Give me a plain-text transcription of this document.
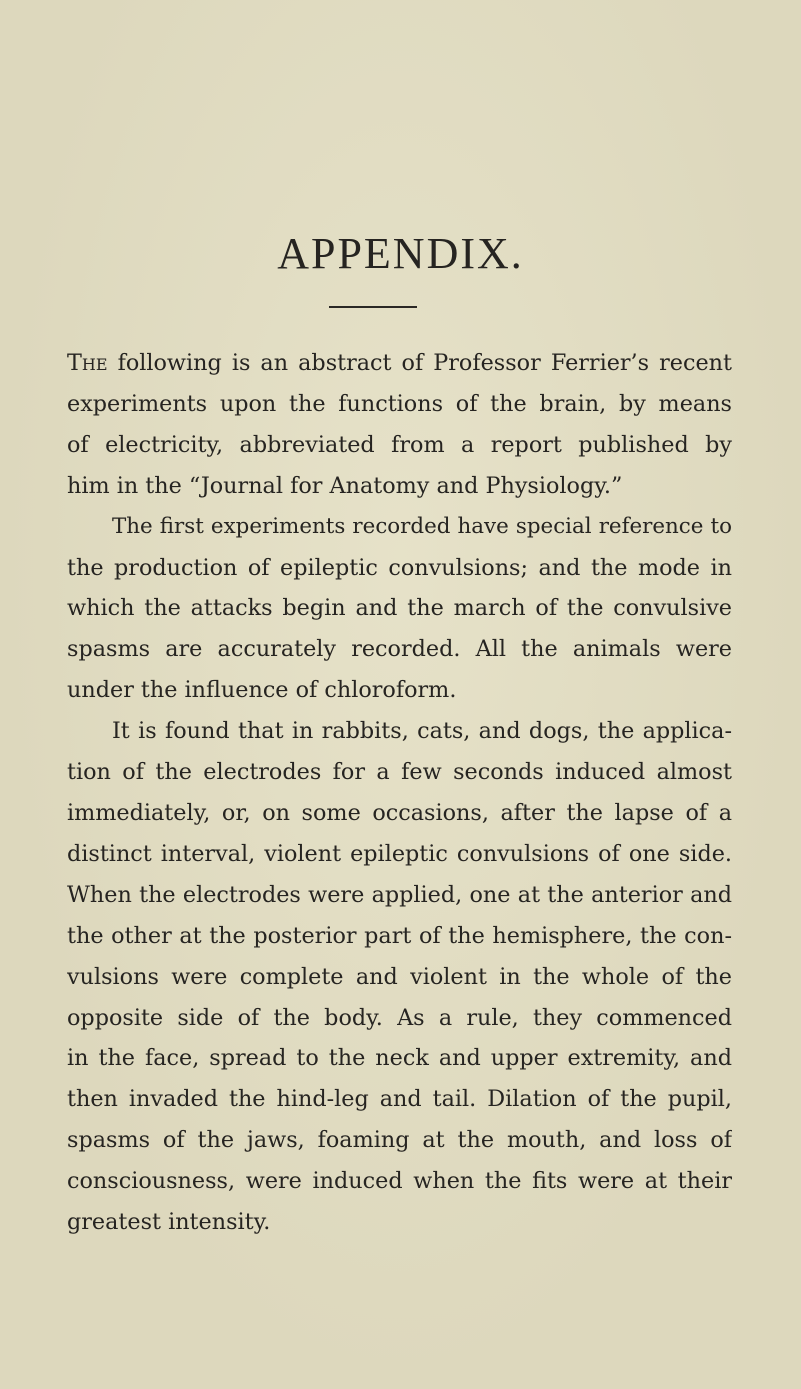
APPENDIX.
The following is an abstract of Professor Ferrier’s recent
experiments upon the functions of the brain, by means
of electricity, abbreviated from a report published by
him in the “Journal for Anatomy and Physiology.”
The first experiments recorded have special reference to
the production of epileptic convulsions; and the mode in
which the attacks begin and the march of the convulsive
spasms are accurately recorded. All the animals were
under the influence of chloroform.
It is found that in rabbits, cats, and dogs, the applica-
tion of the electrodes for a few seconds induced almost
immediately, or, on some occasions, after the lapse of a
distinct interval, violent epileptic convulsions of one side.
When the electrodes were applied, one at the anterior and
the other at the posterior part of the hemisphere, the con-
vulsions were complete and violent in the whole of the
opposite side of the body. As a rule, they commenced
in the face, spread to the neck and upper extremity, and
then invaded the hind-leg and tail. Dilation of the pupil,
spasms of the jaws, foaming at the mouth, and loss of
consciousness, were induced when the fits were at their
greatest intensity.
